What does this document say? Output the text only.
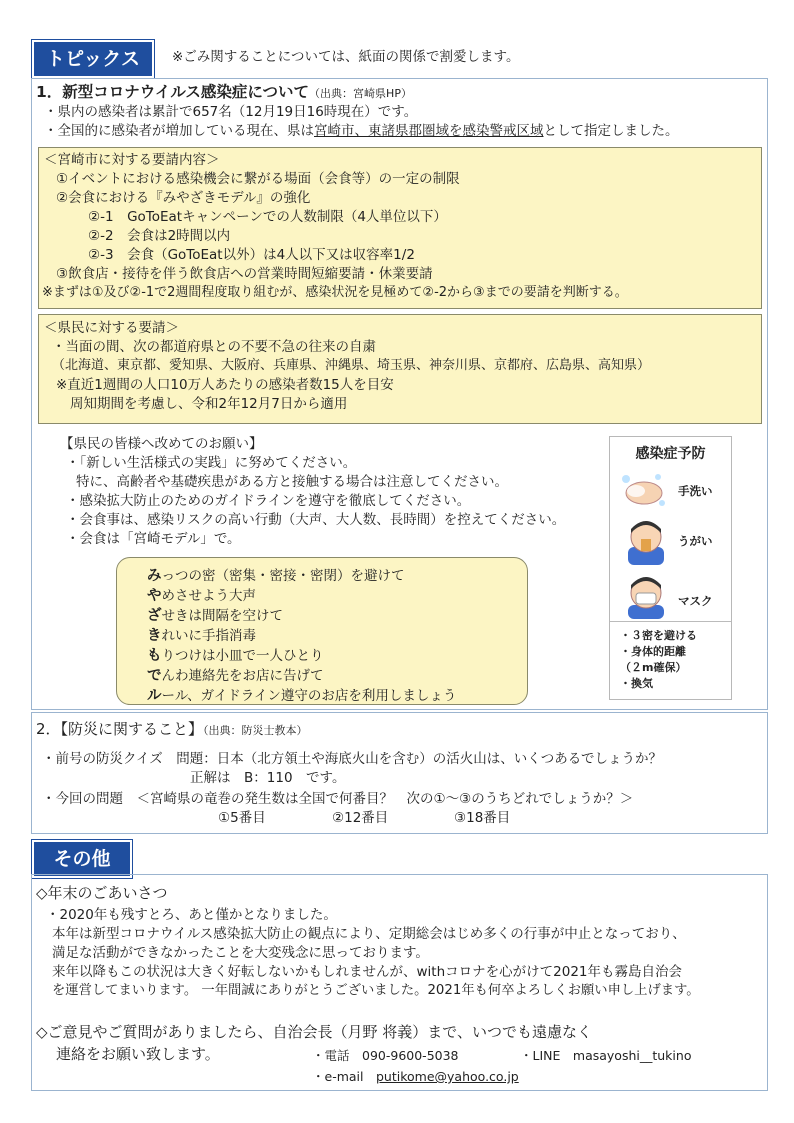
トピックス	※ごみ関することについては、紙面の関係で割愛します。
1．新型コロナウイルス感染症について（出典：宮崎県HP）
・県内の感染者は累計で657名（12月19日16時現在）です。
・全国的に感染者が増加している現在、県は宮崎市、東諸県郡圏域を感染警戒区域として指定しました。
＜宮崎市に対する要請内容＞
①イベントにおける感染機会に繋がる場面（会食等）の一定の制限
②会食における『みやざきモデル』の強化
②-1　GoToEatキャンペーンでの人数制限（4人単位以下）
②-2　会食は2時間以内
②-3　会食（GoToEat以外）は4人以下又は収容率1/2
③飲食店・接待を伴う飲食店への営業時間短縮要請・休業要請
※まずは①及び②-1で2週間程度取り組むが、感染状況を見極めて②-2から③までの要請を判断する。
＜県民に対する要請＞
・当面の間、次の都道府県との不要不急の往来の自粛
（北海道、東京都、愛知県、大阪府、兵庫県、沖縄県、埼玉県、神奈川県、京都府、広島県、高知県）
※直近1週間の人口10万人あたりの感染者数15人を目安
周知期間を考慮し、令和2年12月7日から適用
【県民の皆様へ改めてのお願い】
・「新しい生活様式の実践」に努めてください。
特に、高齢者や基礎疾患がある方と接触する場合は注意してください。
・感染拡大防止のためのガイドラインを遵守を徹底してください。
・会食事は、感染リスクの高い行動（大声、大人数、長時間）を控えてください。
・会食は「宮崎モデル」で。
みっつの密（密集・密接・密閉）を避けて
やめさせよう大声
ざせきは間隔を空けて
きれいに手指消毒
もりつけは小皿で一人ひとり
でんわ連絡先をお店に告げて
ルール、ガイドライン遵守のお店を利用しましょう
感染症予防
手洗い
うがい
マスク
・３密を避ける
・身体的距離
（２m確保）
・換気
2．【防災に関すること】（出典：防災士教本）
・前号の防災クイズ　問題：日本（北方領土や海底火山を含む）の活火山は、いくつあるでしょうか？
正解は　B：110　です。
・今回の問題　＜宮崎県の竜巻の発生数は全国で何番目？　次の①～③のうちどれでしょうか？＞
①5番目	②12番目	③18番目
その他
◇年末のごあいさつ
・2020年も残すとろ、あと僅かとなりました。
本年は新型コロナウイルス感染拡大防止の観点により、定期総会はじめ多くの行事が中止となっており、
満足な活動ができなかったことを大変残念に思っております。
来年以降もこの状況は大きく好転しないかもしれませんが、withコロナを心がけて2021年も霧島自治会
を運営してまいります。 一年間誠にありがとうございました。2021年も何卒よろしくお願い申し上げます。
◇ご意見やご質問がありましたら、自治会長（月野 将義）まで、いつでも遠慮なく
連絡をお願い致します。	・電話　090-9600-5038	・LINE　masayoshi__tukino
・e-mail　putikome@yahoo.co.jp
